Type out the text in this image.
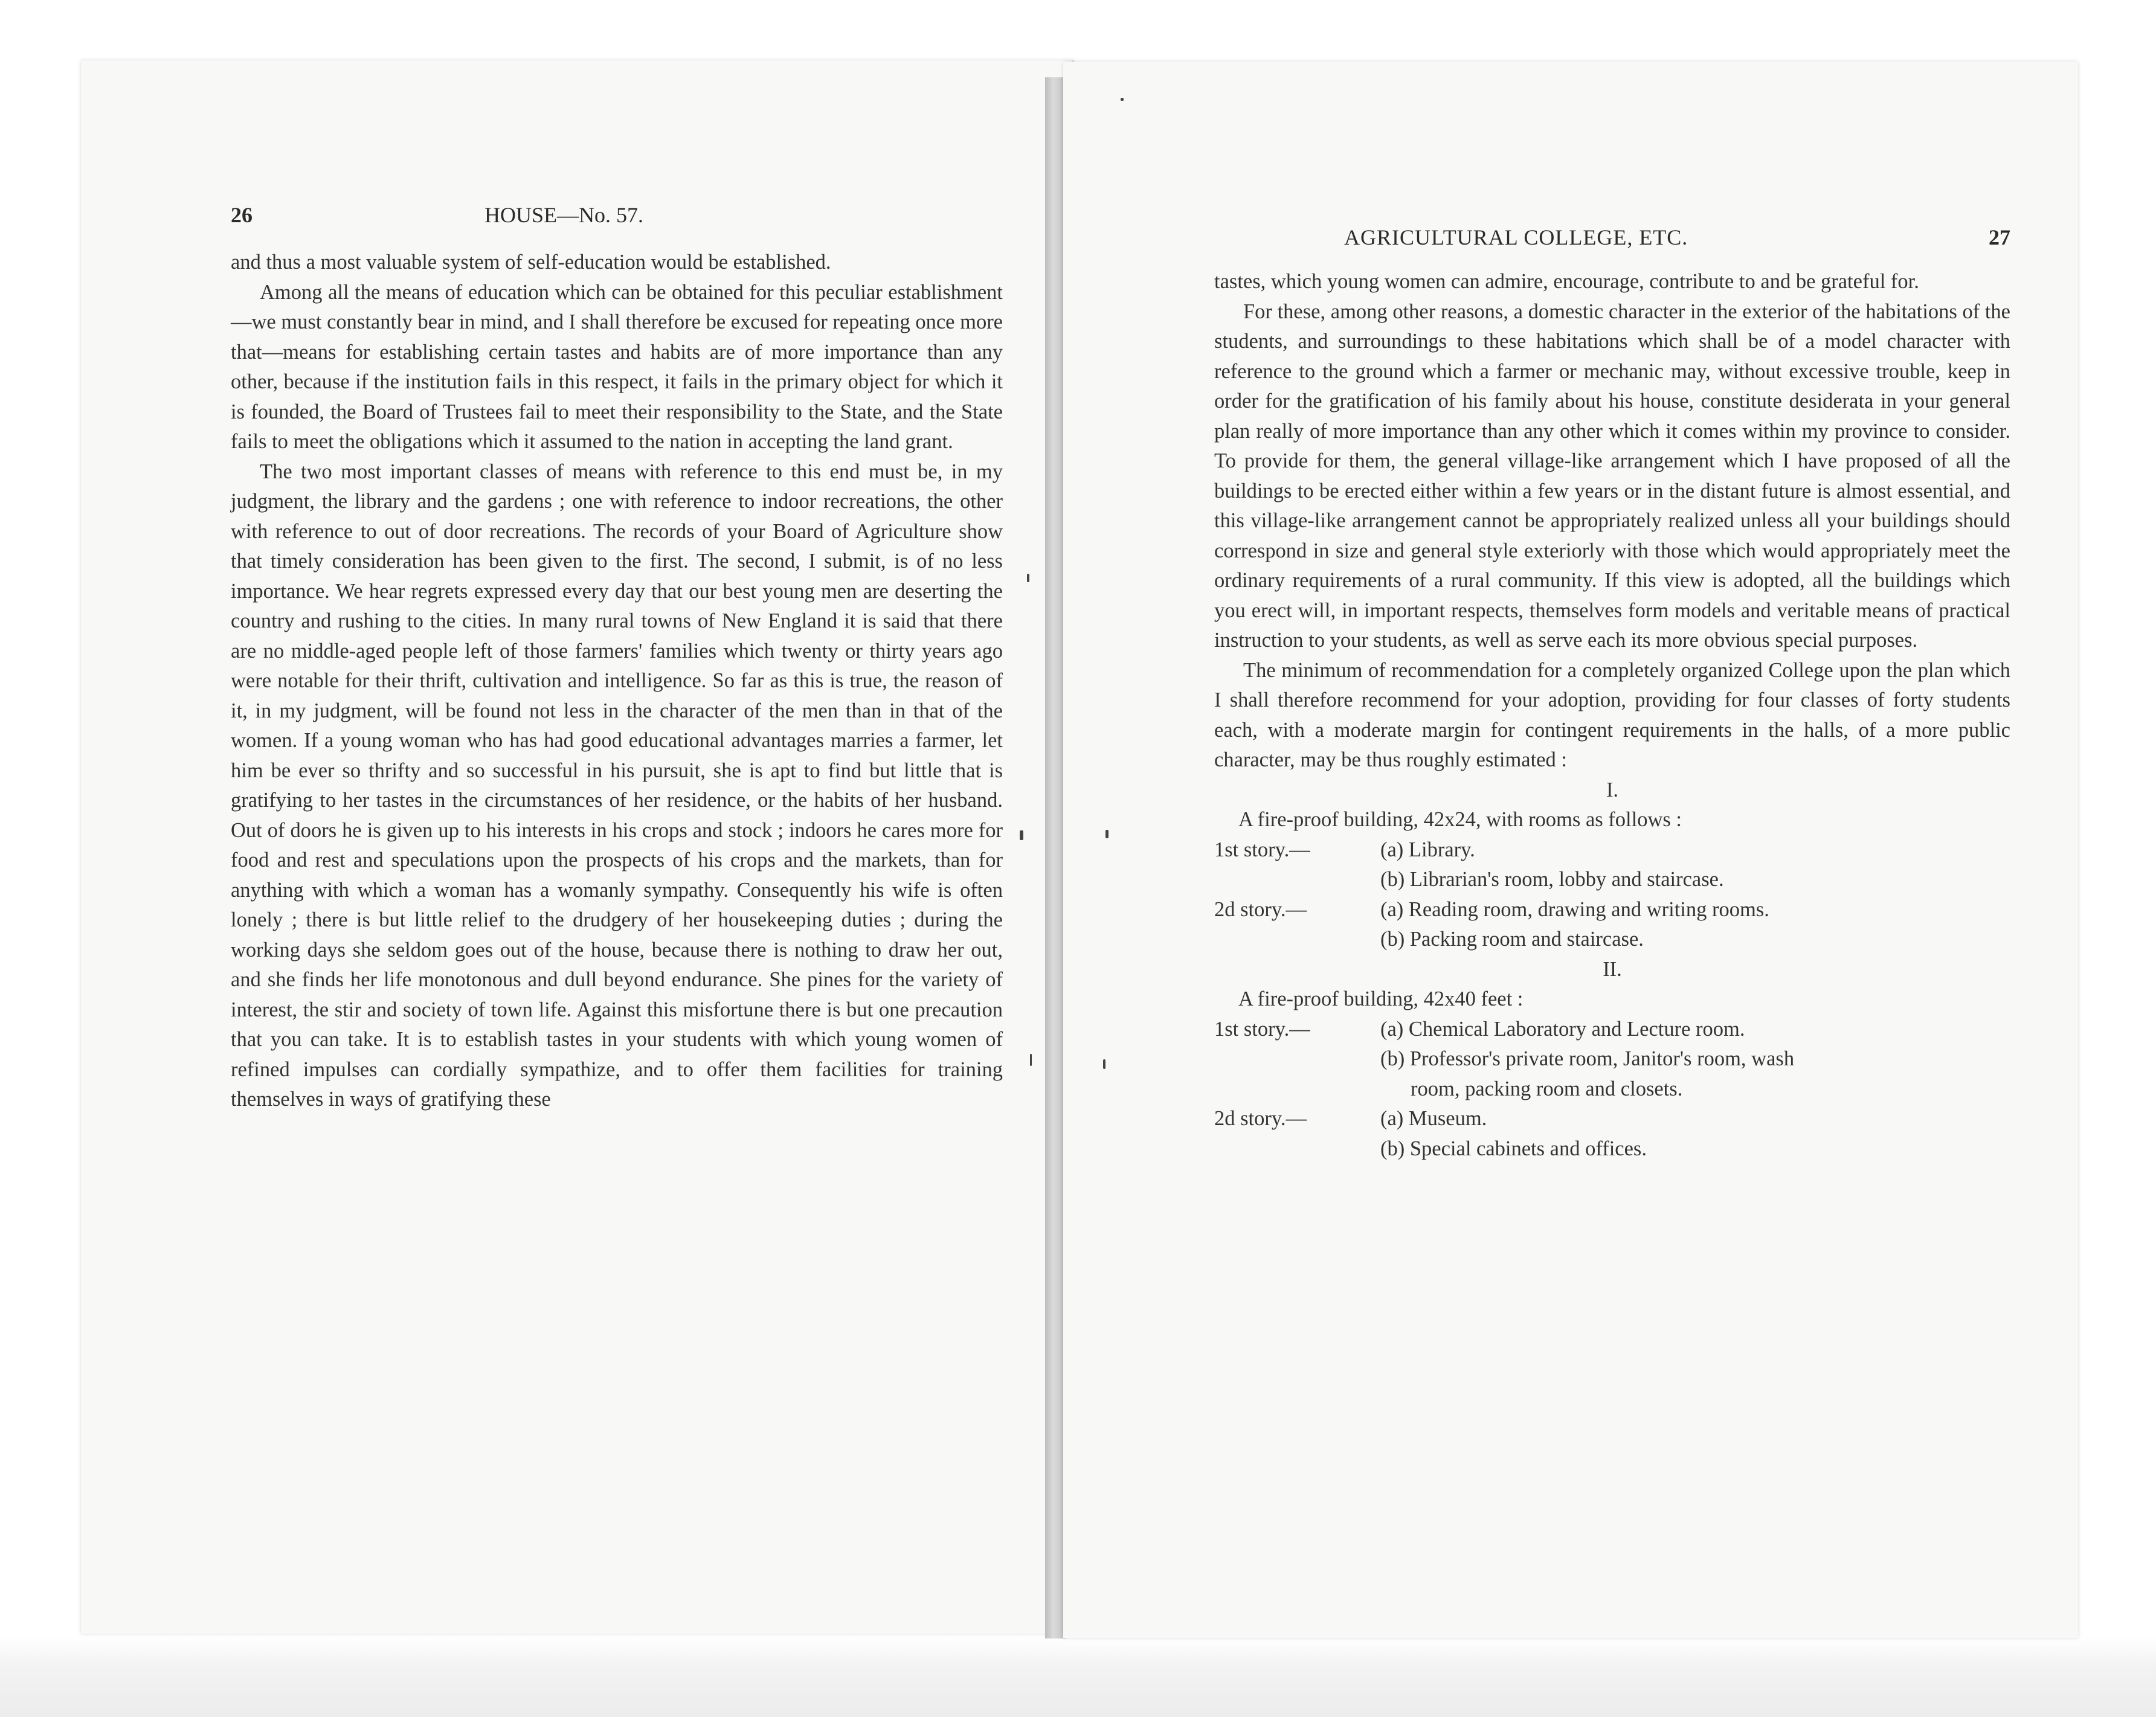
26	HOUSE—No. 57.

and thus a most valuable system of self-education would be established.

Among all the means of education which can be obtained for this peculiar establishment—we must constantly bear in mind, and I shall therefore be excused for repeating once more that—means for establishing certain tastes and habits are of more importance than any other, because if the institution fails in this respect, it fails in the primary object for which it is founded, the Board of Trustees fail to meet their responsibility to the State, and the State fails to meet the obligations which it assumed to the nation in accepting the land grant.

The two most important classes of means with reference to this end must be, in my judgment, the library and the gardens ; one with reference to indoor recreations, the other with reference to out of door recreations. The records of your Board of Agriculture show that timely consideration has been given to the first. The second, I submit, is of no less importance. We hear regrets expressed every day that our best young men are deserting the country and rushing to the cities. In many rural towns of New England it is said that there are no middle-aged people left of those farmers' families which twenty or thirty years ago were notable for their thrift, cultivation and intelligence. So far as this is true, the reason of it, in my judgment, will be found not less in the character of the men than in that of the women. If a young woman who has had good educational advantages marries a farmer, let him be ever so thrifty and so successful in his pursuit, she is apt to find but little that is gratifying to her tastes in the circumstances of her residence, or the habits of her husband. Out of doors he is given up to his interests in his crops and stock ; indoors he cares more for food and rest and speculations upon the prospects of his crops and the markets, than for anything with which a woman has a womanly sympathy. Consequently his wife is often lonely ; there is but little relief to the drudgery of her housekeeping duties ; during the working days she seldom goes out of the house, because there is nothing to draw her out, and she finds her life monotonous and dull beyond endurance. She pines for the variety of interest, the stir and society of town life. Against this misfortune there is but one precaution that you can take. It is to establish tastes in your students with which young women of refined impulses can cordially sympathize, and to offer them facilities for training themselves in ways of gratifying these

AGRICULTURAL COLLEGE, ETC.	27

tastes, which young women can admire, encourage, contribute to and be grateful for.

For these, among other reasons, a domestic character in the exterior of the habitations of the students, and surroundings to these habitations which shall be of a model character with reference to the ground which a farmer or mechanic may, without excessive trouble, keep in order for the gratification of his family about his house, constitute desiderata in your general plan really of more importance than any other which it comes within my province to consider. To provide for them, the general village-like arrangement which I have proposed of all the buildings to be erected either within a few years or in the distant future is almost essential, and this village-like arrangement cannot be appropriately realized unless all your buildings should correspond in size and general style exteriorly with those which would appropriately meet the ordinary requirements of a rural community. If this view is adopted, all the buildings which you erect will, in important respects, themselves form models and veritable means of practical instruction to your students, as well as serve each its more obvious special purposes.

The minimum of recommendation for a completely organized College upon the plan which I shall therefore recommend for your adoption, providing for four classes of forty students each, with a moderate margin for contingent requirements in the halls, of a more public character, may be thus roughly estimated :

I.

A fire-proof building, 42x24, with rooms as follows :

1st story.—	(a) Library.
(b) Librarian's room, lobby and staircase.
2d story.—	(a) Reading room, drawing and writing rooms.
(b) Packing room and staircase.

II.

A fire-proof building, 42x40 feet :

1st story.—	(a) Chemical Laboratory and Lecture room.
(b) Professor's private room, Janitor's room, wash
room, packing room and closets.
2d story.—	(a) Museum.
(b) Special cabinets and offices.
